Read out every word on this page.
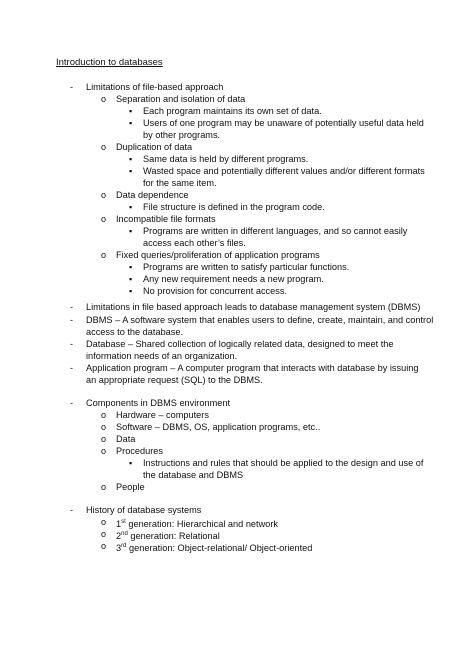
Introduction to databases
- Limitations of file-based approach
o Separation and isolation of data
▪ Each program maintains its own set of data.
▪ Users of one program may be unaware of potentially useful data held
by other programs.
o Duplication of data
▪ Same data is held by different programs.
▪ Wasted space and potentially different values and/or different formats
for the same item.
o Data dependence
▪ File structure is defined in the program code.
o Incompatible file formats
▪ Programs are written in different languages, and so cannot easily
access each other’s files.
o Fixed queries/proliferation of application programs
▪ Programs are written to satisfy particular functions.
▪ Any new requirement needs a new program.
▪ No provision for concurrent access.
- Limitations in file based approach leads to database management system (DBMS)
- DBMS – A software system that enables users to define, create, maintain, and control
access to the database.
- Database – Shared collection of logically related data, designed to meet the
information needs of an organization.
- Application program – A computer program that interacts with database by issuing
an appropriate request (SQL) to the DBMS.
- Components in DBMS environment
o Hardware – computers
o Software – DBMS, OS, application programs, etc..
o Data
o Procedures
▪ Instructions and rules that should be applied to the design and use of
the database and DBMS
o People
- History of database systems
o 1st generation: Hierarchical and network
o 2nd generation: Relational
o 3rd generation: Object-relational/ Object-oriented
